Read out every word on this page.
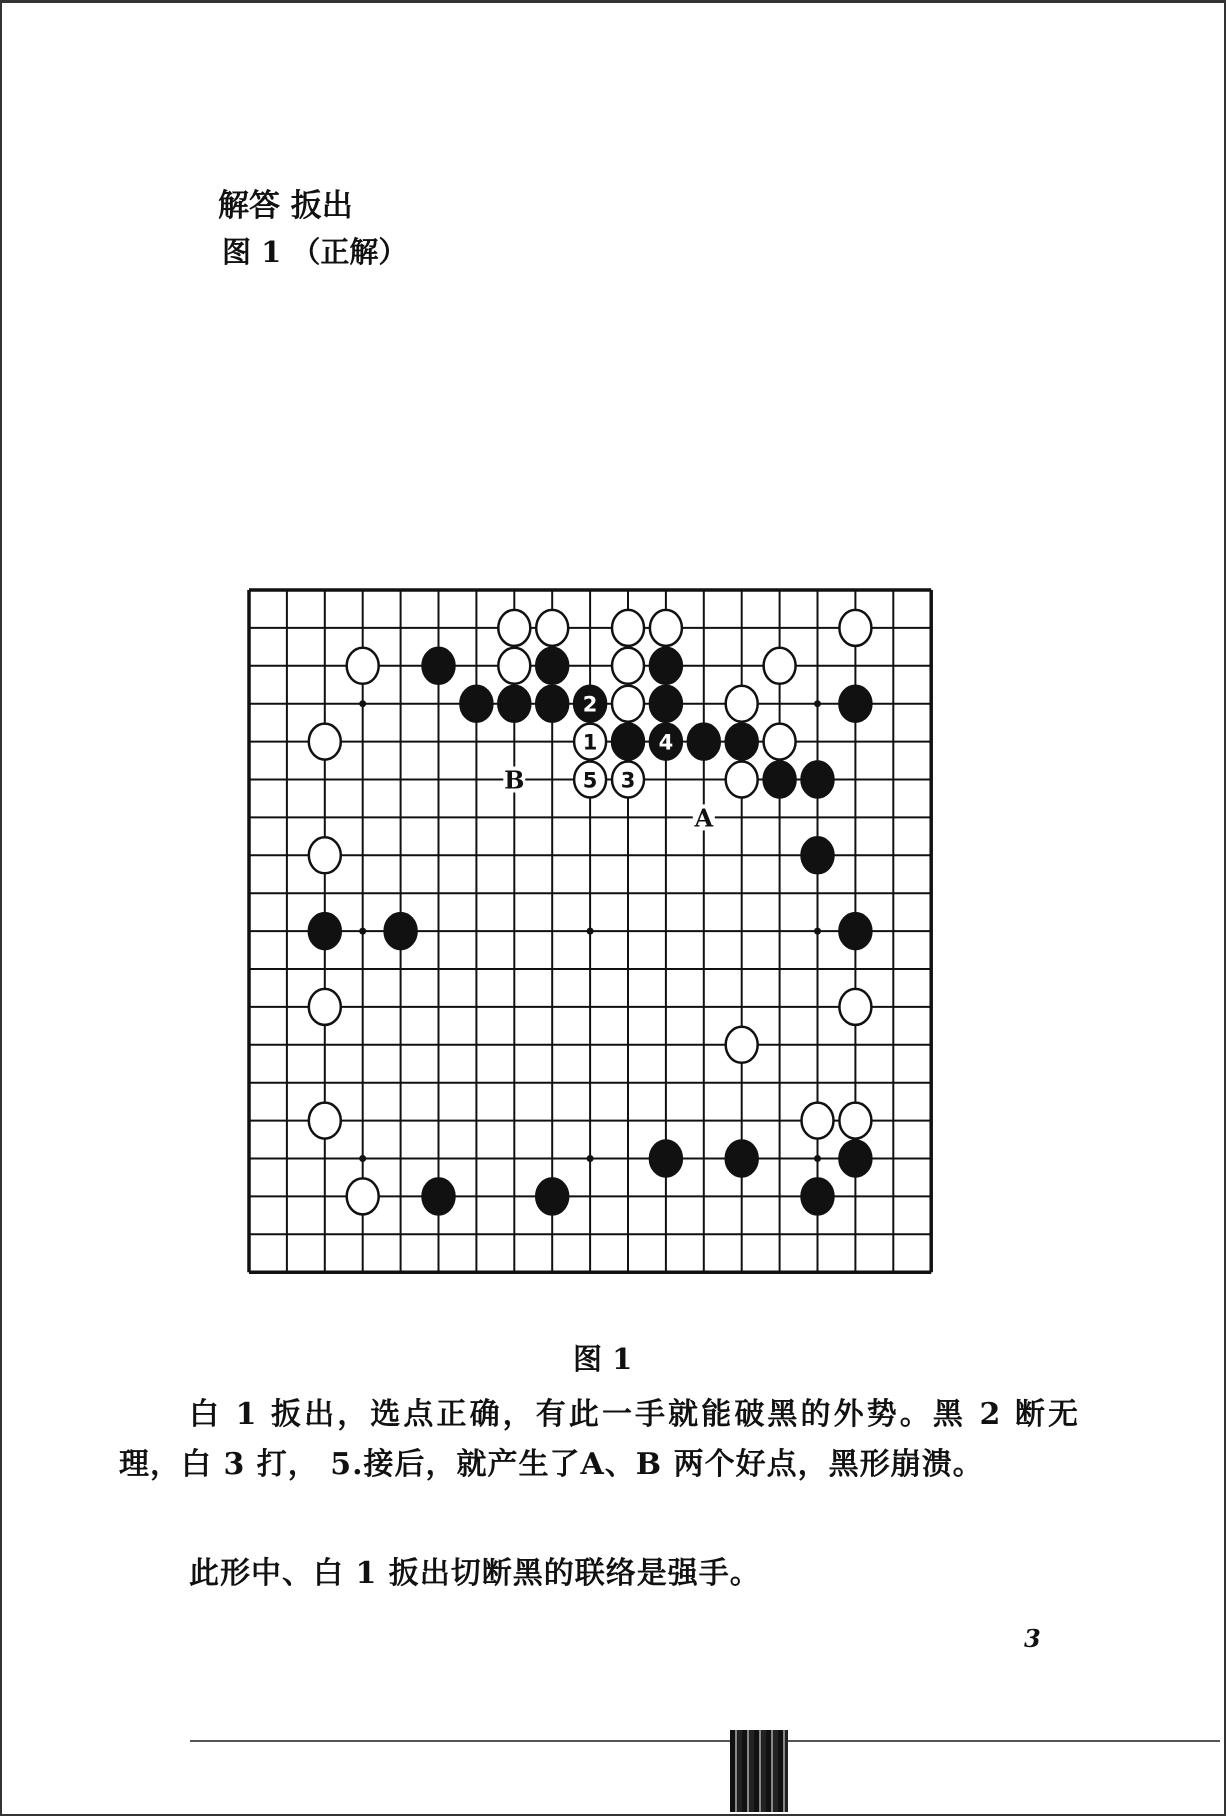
解答 扳出
图 1 （正解）
B
A
2
1	4
5 3
图 1
白 1 扳出，选点正确，有此一手就能破黑的外势。黑 2 断无理，白 3 打， 5.接后，就产生了A、B 两个好点，黑形崩溃。
此形中、白 1 扳出切断黑的联络是强手。
3
